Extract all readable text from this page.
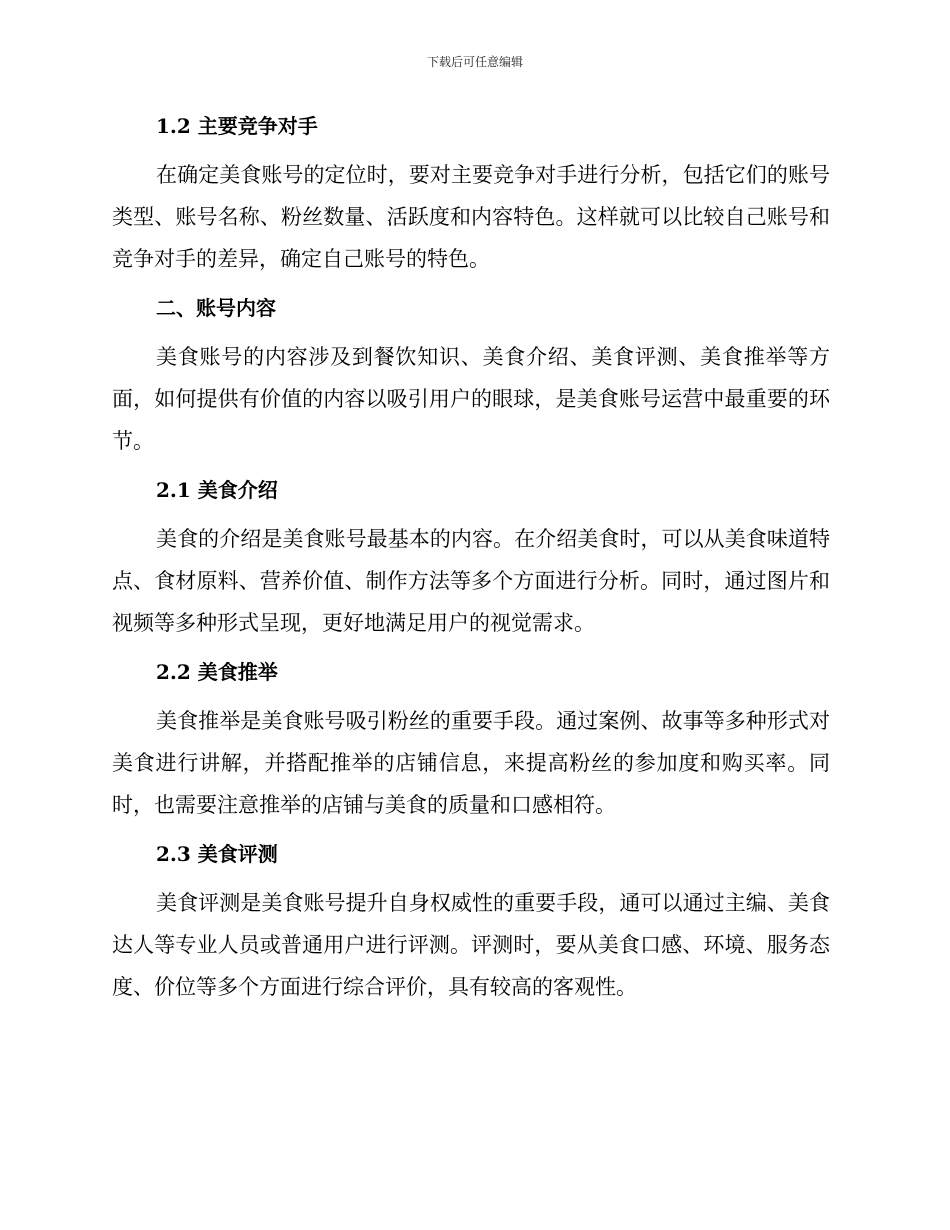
下载后可任意编辑
1.2 主要竞争对手

在确定美食账号的定位时，要对主要竞争对手进行分析，包括它们的账号类型、账号名称、粉丝数量、活跃度和内容特色。这样就可以比较自己账号和竞争对手的差异，确定自己账号的特色。

二、账号内容

美食账号的内容涉及到餐饮知识、美食介绍、美食评测、美食推举等方面，如何提供有价值的内容以吸引用户的眼球，是美食账号运营中最重要的环节。

2.1 美食介绍

美食的介绍是美食账号最基本的内容。在介绍美食时，可以从美食味道特点、食材原料、营养价值、制作方法等多个方面进行分析。同时，通过图片和视频等多种形式呈现，更好地满足用户的视觉需求。

2.2 美食推举

美食推举是美食账号吸引粉丝的重要手段。通过案例、故事等多种形式对美食进行讲解，并搭配推举的店铺信息，来提高粉丝的参加度和购买率。同时，也需要注意推举的店铺与美食的质量和口感相符。

2.3 美食评测

美食评测是美食账号提升自身权威性的重要手段，通可以通过主编、美食达人等专业人员或普通用户进行评测。评测时，要从美食口感、环境、服务态度、价位等多个方面进行综合评价，具有较高的客观性。
